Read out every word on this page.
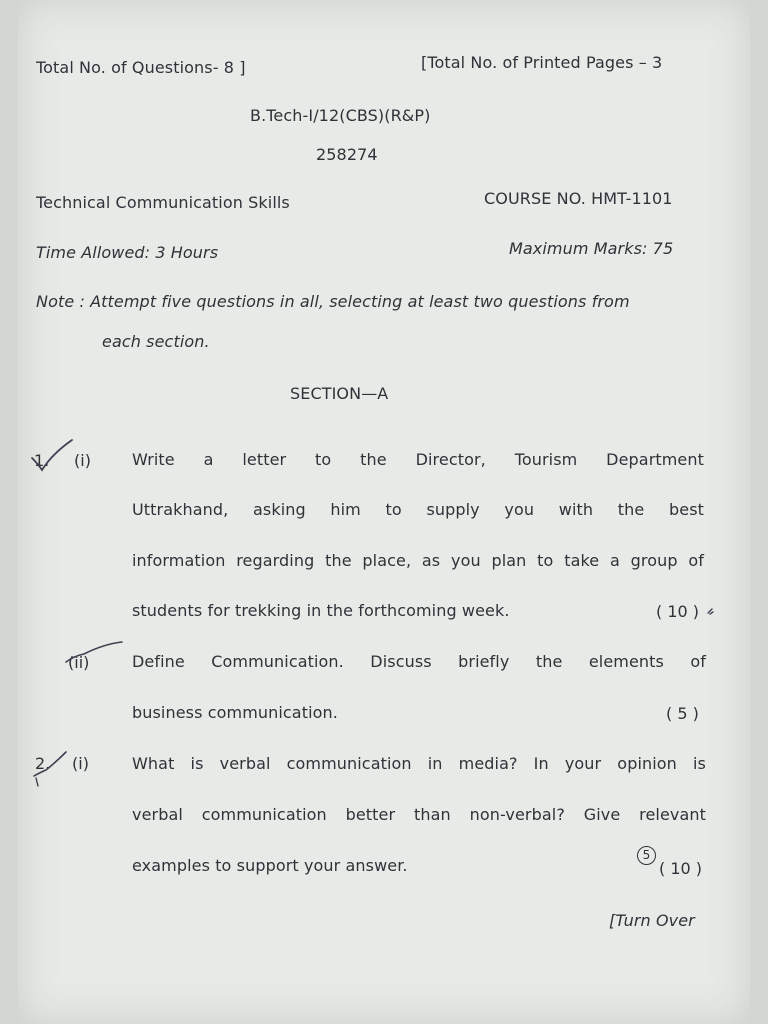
Total No. of Questions- 8 ]	[Total No. of Printed Pages – 3
B.Tech-I/12(CBS)(R&P)
258274
Technical Communication Skills	COURSE NO. HMT-1101
Time Allowed: 3 Hours	Maximum Marks: 75
Note : Attempt five questions in all, selecting at least two questions from
each section.
SECTION—A
1. (i)	Write a letter to the Director, Tourism Department
Uttrakhand, asking him to supply you with the best
information regarding the place, as you plan to take a group of
students for trekking in the forthcoming week.	( 10 )
(ii)	Define Communication. Discuss briefly the elements of
business communication.	( 5 )
2. (i)	What is verbal communication in media? In your opinion is
verbal communication better than non-verbal? Give relevant
examples to support your answer.
5
( 10 )
[Turn Over
